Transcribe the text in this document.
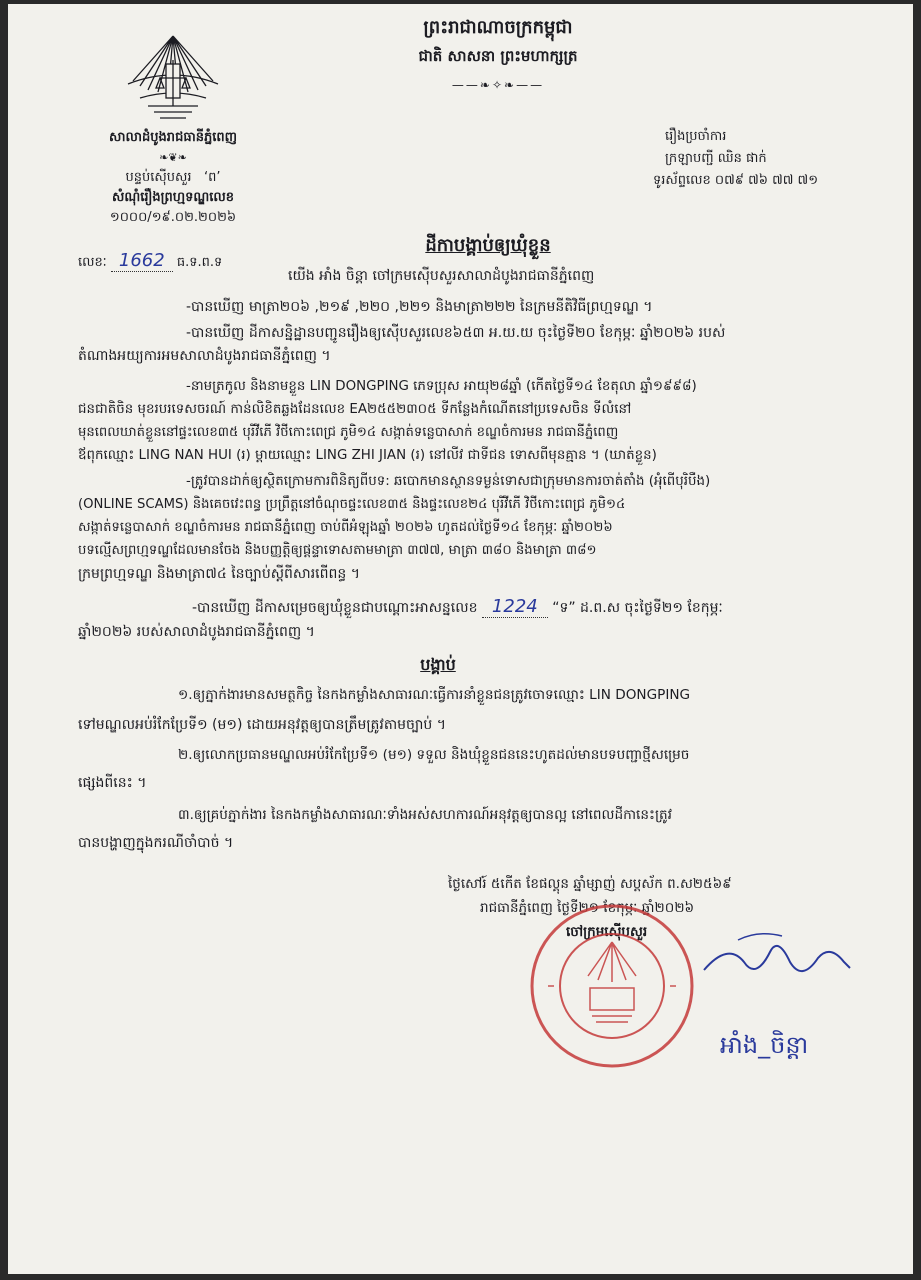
សាលាដំបូងរាជធានីភ្នំពេញ
❧❦❧
បន្ទប់ស៊ើបសួរ ​ ​ ‘ព’
សំណុំរឿងព្រហ្មទណ្ឌលេខ
១០០០/១៩.០២.២០២៦
លេខៈ 1662 ធ.ទ.ព.ទ
ព្រះរាជាណាចក្រកម្ពុជា
ជាតិ សាសនា ព្រះមហាក្សត្រ
——❧✧❧——
រឿងប្រចាំការ
ក្រឡាបញ្ជី ឈិន ផាក់
ទូរស័ព្ទលេខ ០៧៩ ៧៦ ៧៧ ៧១
ដីកាបង្គាប់ឲ្យឃុំខ្លួន
យើង អាំង ចិន្តា ចៅក្រមស៊ើបសួរសាលាដំបូងរាជធានីភ្នំពេញ
-បានឃើញ មាត្រា២០៦ ,២១៩ ,២២០ ,២២១ និងមាត្រា២២២ នៃក្រមនីតិវិធីព្រហ្មទណ្ឌ ។
-បានឃើញ ដីកាសន្និដ្ឋានបញ្ជូនរឿងឲ្យស៊ើបសួរលេខ៦៥៣ អ.យ.យ ចុះថ្ងៃទី២០ ខែកុម្ភៈ ឆ្នាំ២០២៦ របស់
តំណាងអយ្យការអមសាលាដំបូងរាជធានីភ្នំពេញ ។
-នាមត្រកូល និងនាមខ្លួន LIN DONGPING ភេទប្រុស អាយុ២៨ឆ្នាំ (កើតថ្ងៃទី១៤ ខែតុលា ឆ្នាំ១៩៩៨)
ជនជាតិចិន មុខរបរទេសចរណ៍ កាន់លិខិតឆ្លងដែនលេខ EA២៥៥២៣០៥ ទីកន្លែងកំណើតនៅប្រទេសចិន ទីលំនៅ
មុនពេលឃាត់ខ្លួននៅផ្ទះលេខ៣៥ បុរីវីភើ វិថីកោះពេជ្រ ភូមិ១៤ សង្កាត់ទន្លេបាសាក់ ខណ្ឌចំការមន រាជធានីភ្នំពេញ
ឪពុកឈ្មោះ LING NAN HUI (រ) ម្តាយឈ្មោះ LING ZHI JIAN (រ) នៅលីវ ជាទីជន ទោសពីមុនគ្មាន ។ (ឃាត់ខ្លួន)
-ត្រូវបានដាក់ឲ្យស្ថិតក្រោមការពិនិត្យពីបទ: ឆបោកមានស្ថានទម្ងន់ទោសជាក្រុមមានការចាត់តាំង (អុំពើបុរិបឺង)
(ONLINE SCAMS) និងគេចវេះពន្ធ ប្រព្រឹត្តនៅចំណុចផ្ទះលេខ៣៥ និងផ្ទះលេខ២៤ បុរីវីភើ វិថីកោះពេជ្រ ភូមិ១៤
សង្កាត់ទន្លេបាសាក់ ខណ្ឌចំការមន រាជធានីភ្នំពេញ ចាប់ពីអំឡុងឆ្នាំ ២០២៦ ហូតដល់ថ្ងៃទី១៤ ខែកុម្ភៈ ឆ្នាំ២០២៦
បទល្មើសព្រហ្មទណ្ឌដែលមានចែង និងបញ្ញត្តិឲ្យផ្តន្ទាទោសតាមមាត្រា ៣៧៧, មាត្រា ៣៨០ និងមាត្រា ៣៨១
ក្រមព្រហ្មទណ្ឌ និងមាត្រា៧៤ នៃច្បាប់ស្តីពីសារពើពន្ធ ។
-បានឃើញ ដីកាសម្រេចឲ្យឃុំខ្លួនជាបណ្តោះអាសន្នលេខ 1224 “ទ” ដ.ព.ស ចុះថ្ងៃទី២១ ខែកុម្ភៈ
ឆ្នាំ២០២៦ របស់សាលាដំបូងរាជធានីភ្នំពេញ ។
បង្គាប់
១.ឲ្យភ្នាក់ងារមានសមត្ថកិច្ច នៃកងកម្លាំងសាធារណៈធ្វើការនាំខ្លួនជនត្រូវចោទឈ្មោះ LIN DONGPING
ទៅមណ្ឌលអប់រំកែប្រែទី១ (ម១) ដោយអនុវត្តឲ្យបានត្រឹមត្រូវតាមច្បាប់ ។
២.ឲ្យលោកប្រធានមណ្ឌលអប់រំកែប្រែទី១ (ម១) ទទួល និងឃុំខ្លួនជននេះហូតដល់មានបទបញ្ជាថ្មីសម្រេច
ផ្សេងពីនេះ ។
៣.ឲ្យគ្រប់ភ្នាក់ងារ នៃកងកម្លាំងសាធារណៈទាំងអស់សហការណ៍អនុវត្តឲ្យបានល្អ នៅពេលដីកានេះត្រូវ
បានបង្ហាញក្នុងករណីចាំបាច់ ។
ថ្ងៃសៅរ៍ ៥កើត ខែផល្គុន ឆ្នាំម្សាញ់ សប្តស័ក ព.ស២៥៦៩
រាជធានីភ្នំពេញ ថ្ងៃទី២១ ខែកុម្ភៈ ឆ្នាំ២០២៦
ចៅក្រមស៊ើបសួរ
អាំង_ចិន្តា
